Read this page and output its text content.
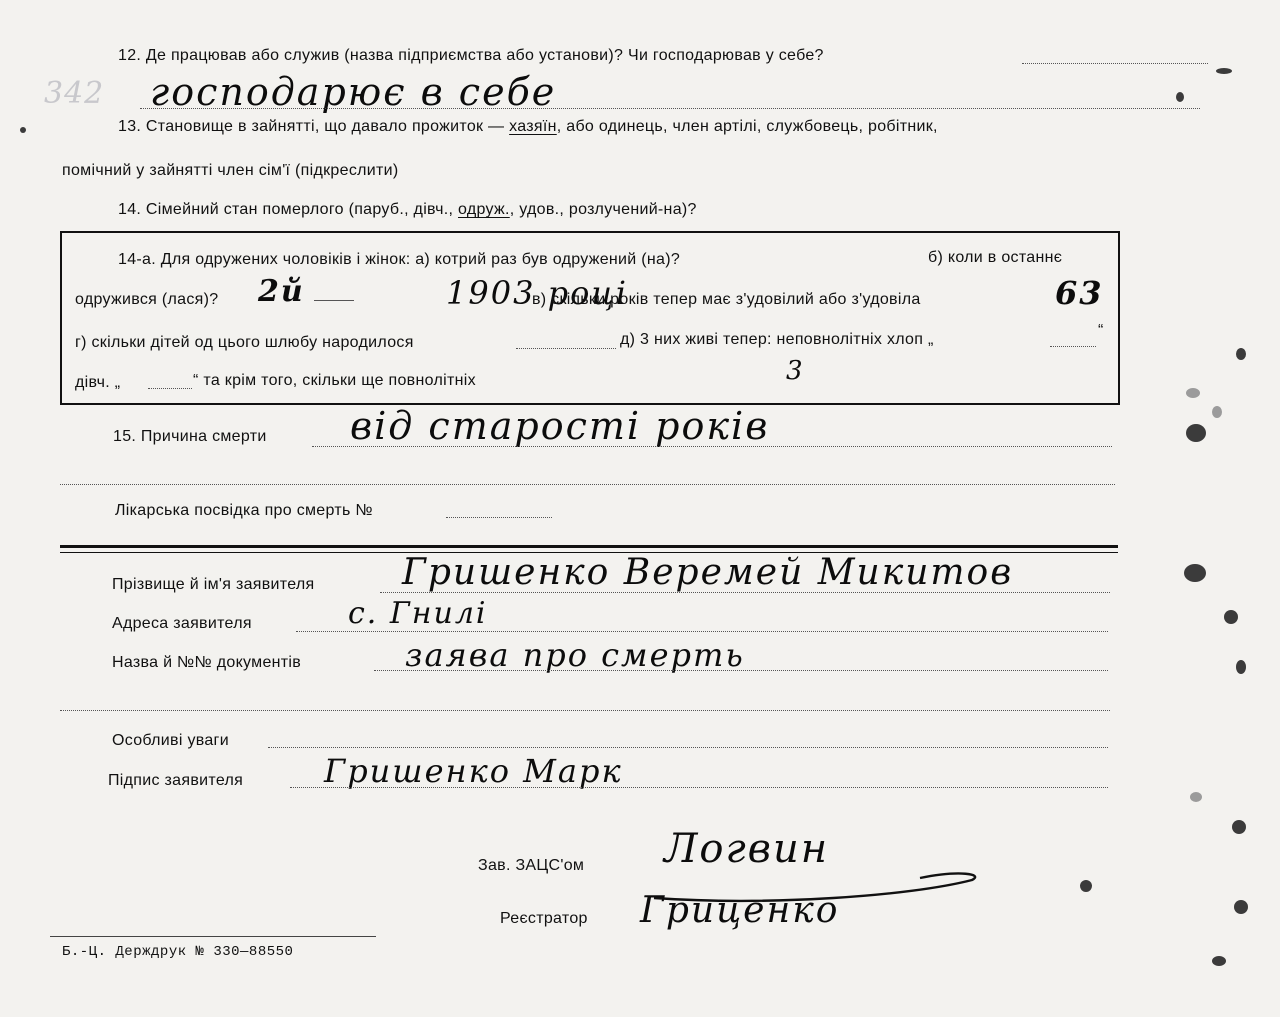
12. Де працював або служив (назва підприємства або установи)? Чи господарював у себе?
342 господарює в себе
13. Становище в зайнятті, що давало прожиток — хазяїн, або одинець, член артілі, службовець, робітник,
помічний у зайнятті член сім'ї (підкреслити)
14. Сімейний стан померлого (паруб., дівч., одруж., удов., розлучений-на)?
14-а. Для одружених чоловіків і жінок: а) котрий раз був одружений (на)?	б) коли в останнє
одружився (лася)? 2й	1903 році
в) скільки років тепер має з'удовілий або з'удовіла	63
г) скільки дітей од цього шлюбу народилося	д) 3 них живі тепер: неповнолітніх хлоп „
“
дівч. „	“ та крім того, скільки ще повнолітніх	3
15. Причина смерти від старості років
Лікарська посвідка про смерть №
Прізвище й ім'я заявителя Гришенко Веремей Микитов
Адреса заявителя	с. Гнилі
Назва й №№ документів	заява про смерть
Особливі уваги
Підпис заявителя	Гришенко Марк
Зав. ЗАЦС'ом Логвин
Реєстратор Гриценко
Б.-Ц. Держдрук № 330—88550
